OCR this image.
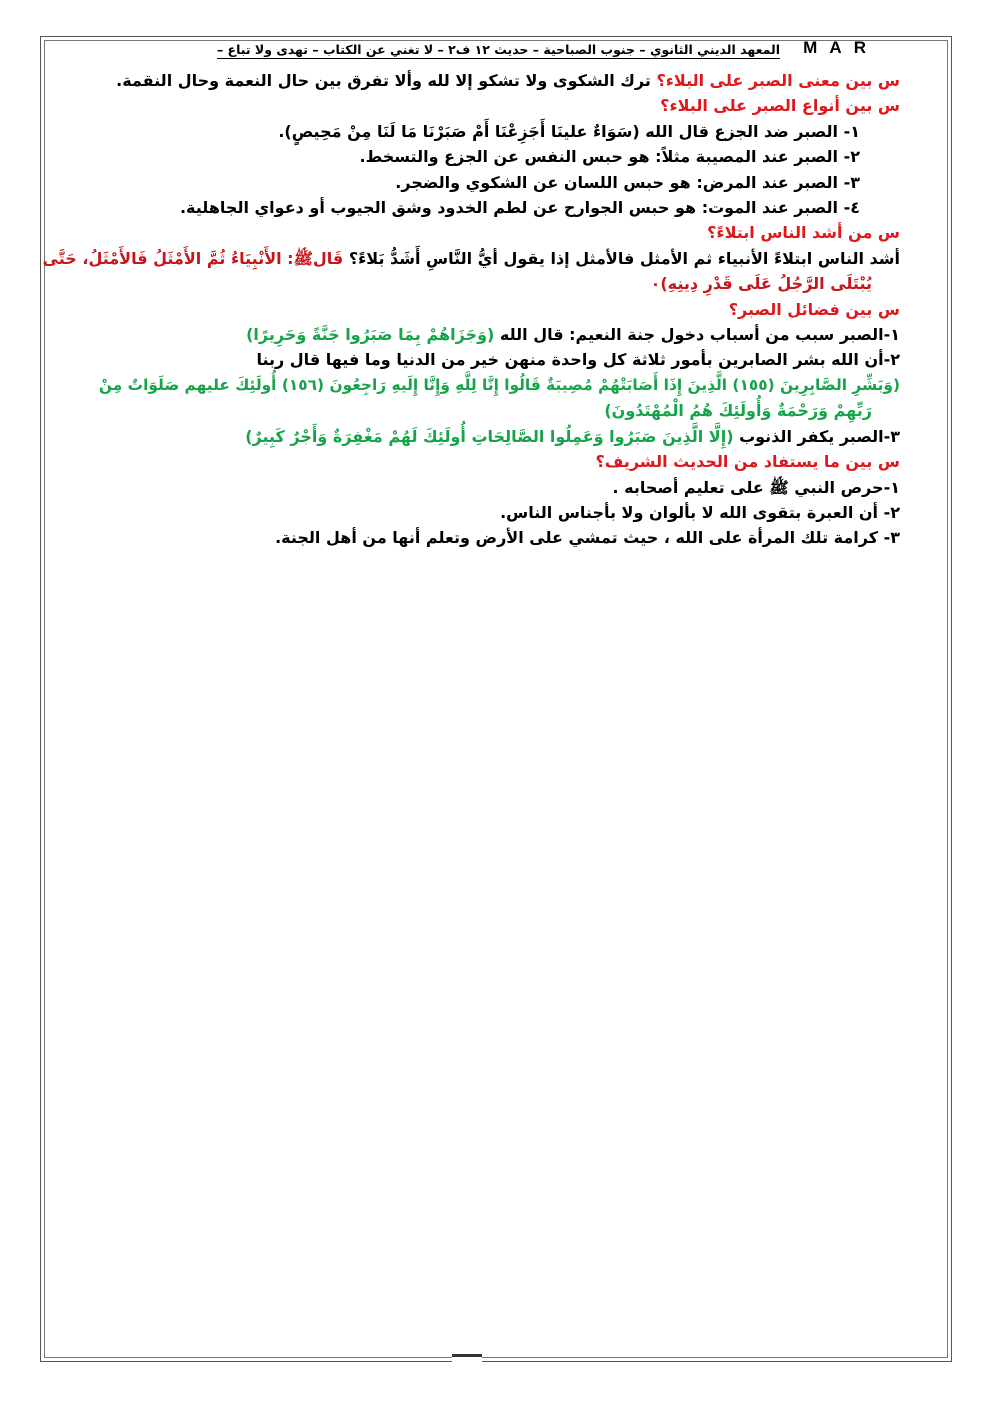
المعهد الديني الثانوي – جنوب الصباحية – حديث ١٢ ف٢ – لا تغني عن الكتاب – تهدى ولا تباع – M A R
س بين معنى الصبر على البلاء؟ ترك الشكوى ولا تشكو إلا لله وألا تفرق بين حال النعمة وحال النقمة.
س بين أنواع الصبر على البلاء؟
١- الصبر ضد الجزع قال الله (سَوَاءٌ علينَا أَجَزِعْنَا أَمْ صَبَرْنَا مَا لَنَا مِنْ مَحِيصٍ).
٢- الصبر عند المصيبة مثلاً: هو حبس النفس عن الجزع والتسخط.
٣- الصبر عند المرض: هو حبس اللسان عن الشكوي والضجر.
٤- الصبر عند الموت: هو حبس الجوارح عن لطم الخدود وشق الجيوب أو دعواي الجاهلية.
س من أشد الناس ابتلاءً؟
أشد الناس ابتلاءً الأنبياء ثم الأمثل فالأمثل إذا يقول أيُّ النَّاسِ أَشَدُّ بَلاءً؟ قَالﷺ: الأَنْبِيَاءُ ثُمَّ الأَمْثَلُ فَالأَمْثَلُ، حَتَّى
يُبْتَلَى الرَّجُلُ عَلَى قَدْرِ دِينِهِ)٠
س بين فضائل الصبر؟
١-الصبر سبب من أسباب دخول جنة النعيم: قال الله (وَجَزَاهُمْ بِمَا صَبَرُوا جَنَّةً وَحَرِيرًا)
٢-أن الله بشر الصابرين بأمور ثلاثة كل واحدة منهن خير من الدنيا وما فيها قال ربنا
(وَبَشِّرِ الصَّابِرِينَ (١٥٥) الَّذِينَ إِذَا أَصَابَتْهُمْ مُصِيبَةٌ قَالُوا إِنَّا لِلَّهِ وَإِنَّا إِلَيهِ رَاجِعُونَ (١٥٦) أُولَئِكَ عليهم صَلَوَاتٌ مِنْ
رَبِّهِمْ وَرَحْمَةٌ وَأُولَئِكَ هُمُ الْمُهْتَدُونَ)
٣-الصبر يكفر الذنوب (إِلَّا الَّذِينَ صَبَرُوا وَعَمِلُوا الصَّالِحَاتِ أُولَئِكَ لَهُمْ مَغْفِرَةٌ وَأَجْرٌ كَبِيرٌ)
س بين ما يستفاد من الحديث الشريف؟
١-حرص النبي ﷺ على تعليم أصحابه .
٢- أن العبرة بتقوى الله لا بألوان ولا بأجناس الناس.
٣- كرامة تلك المرأة على الله ، حيث تمشي على الأرض وتعلم أنها من أهل الجنة.
